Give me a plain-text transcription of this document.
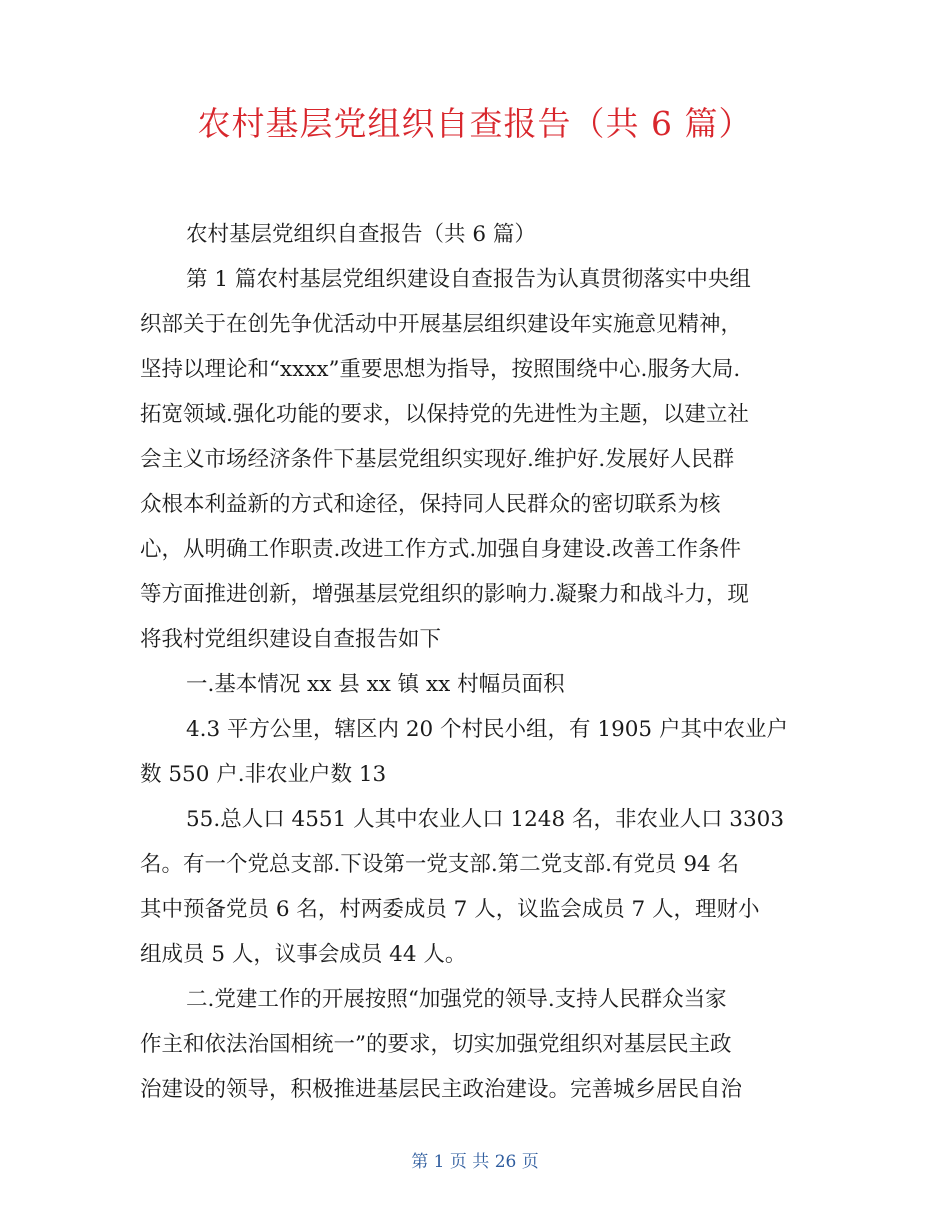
农村基层党组织自查报告（共 6 篇）
农村基层党组织自查报告（共 6 篇）
第 1 篇农村基层党组织建设自查报告为认真贯彻落实中央组
织部关于在创先争优活动中开展基层组织建设年实施意见精神，
坚持以理论和“xxxx”重要思想为指导，按照围绕中心.服务大局.
拓宽领域.强化功能的要求，以保持党的先进性为主题，以建立社
会主义市场经济条件下基层党组织实现好.维护好.发展好人民群
众根本利益新的方式和途径，保持同人民群众的密切联系为核
心，从明确工作职责.改进工作方式.加强自身建设.改善工作条件
等方面推进创新，增强基层党组织的影响力.凝聚力和战斗力，现
将我村党组织建设自查报告如下
一.基本情况 xx 县 xx 镇 xx 村幅员面积
4.3 平方公里，辖区内 20 个村民小组，有 1905 户其中农业户
数 550 户.非农业户数 13
55.总人口 4551 人其中农业人口 1248 名，非农业人口 3303
名。有一个党总支部.下设第一党支部.第二党支部.有党员 94 名
其中预备党员 6 名，村两委成员 7 人，议监会成员 7 人，理财小
组成员 5 人，议事会成员 44 人。
二.党建工作的开展按照“加强党的领导.支持人民群众当家
作主和依法治国相统一”的要求，切实加强党组织对基层民主政
治建设的领导，积极推进基层民主政治建设。完善城乡居民自治
第 1 页 共 26 页
